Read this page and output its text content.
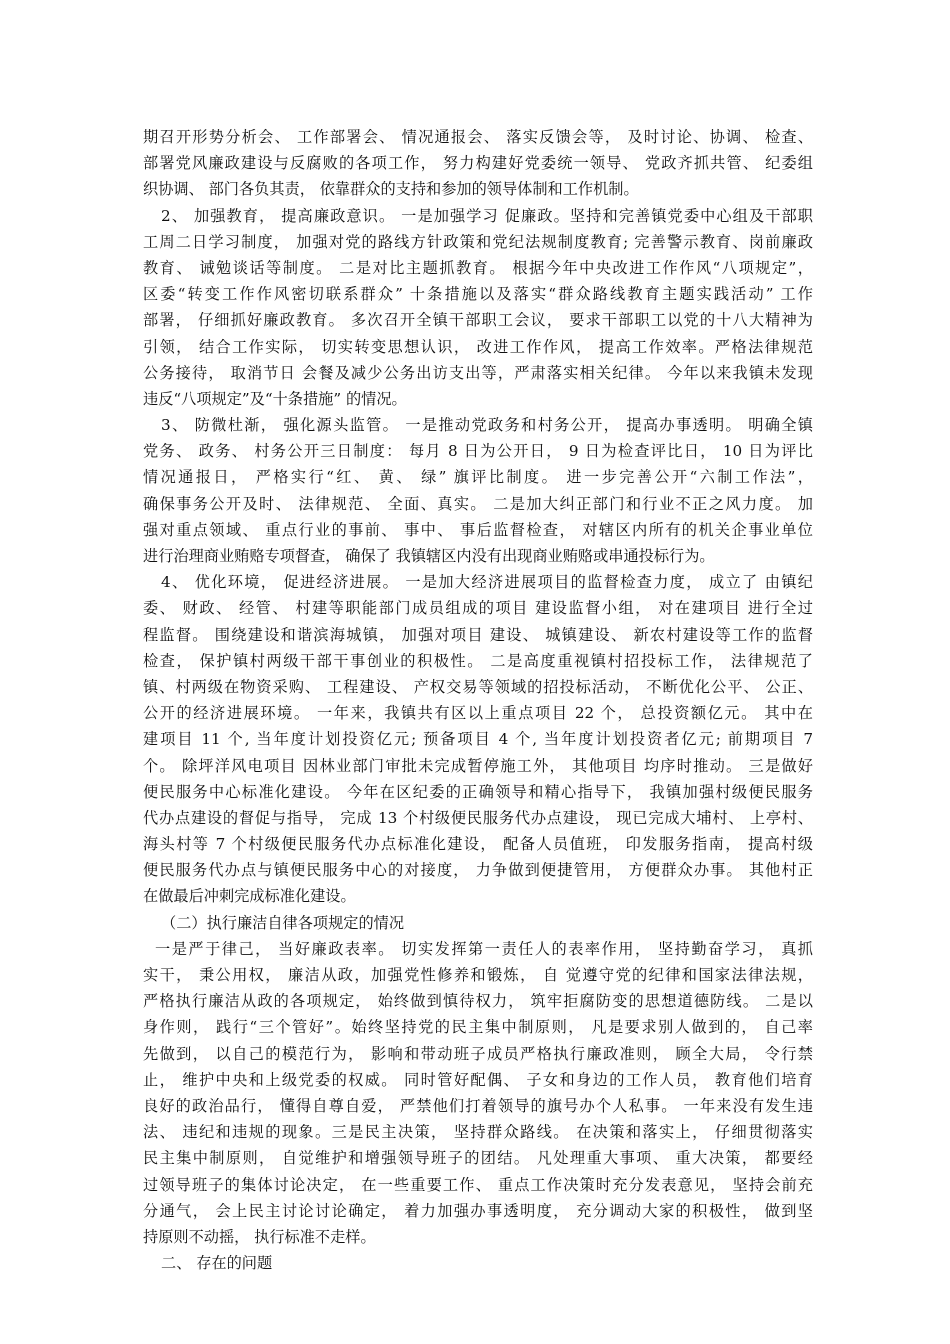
期召开形势分析会、 工作部署会、 情况通报会、 落实反馈会等， 及时讨论、协调、 检查、
部署党风廉政建设与反腐败的各项工作， 努力构建好党委统一领导、 党政齐抓共管、 纪委组
织协调、 部门各负其责， 依靠群众的支持和参加的领导体制和工作机制。
2、 加强教育， 提高廉政意识。 一是加强学习 促廉政。坚持和完善镇党委中心组及干部职
工周二日学习制度， 加强对党的路线方针政策和党纪法规制度教育; 完善警示教育、岗前廉政
教育、 诫勉谈话等制度。 二是对比主题抓教育。 根据今年中央改进工作作风“八项规定”，
区委“转变工作作风密切联系群众” 十条措施以及落实“群众路线教育主题实践活动” 工作
部署， 仔细抓好廉政教育。 多次召开全镇干部职工会议， 要求干部职工以党的十八大精神为
引领， 结合工作实际， 切实转变思想认识， 改进工作作风， 提高工作效率。严格法律规范
公务接待， 取消节日 会餐及减少公务出访支出等，严肃落实相关纪律。 今年以来我镇未发现
违反“八项规定”及“十条措施” 的情况。
3、 防微杜渐， 强化源头监管。 一是推动党政务和村务公开， 提高办事透明。 明确全镇
党务、 政务、 村务公开三日制度： 每月 8 日为公开日， 9 日为检查评比日， 10 日为评比
情况通报日， 严格实行“红、 黄、 绿” 旗评比制度。 进一步完善公开“六制工作法”，
确保事务公开及时、 法律规范、 全面、真实。 二是加大纠正部门和行业不正之风力度。 加
强对重点领域、 重点行业的事前、 事中、 事后监督检查， 对辖区内所有的机关企事业单位
进行治理商业贿赂专项督查， 确保了 我镇辖区内没有出现商业贿赂或串通投标行为。
4、 优化环境， 促进经济进展。 一是加大经济进展项目的监督检查力度， 成立了 由镇纪
委、 财政、 经管、 村建等职能部门成员组成的项目 建设监督小组， 对在建项目 进行全过
程监督。 围绕建设和谐滨海城镇， 加强对项目 建设、 城镇建设、 新农村建设等工作的监督
检查， 保护镇村两级干部干事创业的积极性。 二是高度重视镇村招投标工作， 法律规范了
镇、村两级在物资采购、 工程建设、 产权交易等领域的招投标活动， 不断优化公平、 公正、
公开的经济进展环境。 一年来，我镇共有区以上重点项目 22 个， 总投资额亿元。 其中在
建项目 11 个, 当年度计划投资亿元; 预备项目 4 个, 当年度计划投资者亿元; 前期项目 7
个。 除坪洋风电项目 因林业部门审批未完成暂停施工外， 其他项目 均序时推动。 三是做好
便民服务中心标准化建设。 今年在区纪委的正确领导和精心指导下， 我镇加强村级便民服务
代办点建设的督促与指导， 完成 13 个村级便民服务代办点建设， 现已完成大埔村、 上亭村、
海头村等 7 个村级便民服务代办点标准化建设， 配备人员值班， 印发服务指南， 提高村级
便民服务代办点与镇便民服务中心的对接度， 力争做到便捷管用， 方便群众办事。 其他村正
在做最后冲刺完成标准化建设。
（二）执行廉洁自律各项规定的情况
一是严于律己， 当好廉政表率。 切实发挥第一责任人的表率作用， 坚持勤奋学习， 真抓
实干， 秉公用权， 廉洁从政，加强党性修养和锻炼， 自 觉遵守党的纪律和国家法律法规，
严格执行廉洁从政的各项规定， 始终做到慎待权力， 筑牢拒腐防变的思想道德防线。 二是以
身作则， 践行“三个管好”。始终坚持党的民主集中制原则， 凡是要求别人做到的， 自己率
先做到， 以自己的模范行为， 影响和带动班子成员严格执行廉政准则， 顾全大局， 令行禁
止， 维护中央和上级党委的权威。 同时管好配偶、 子女和身边的工作人员， 教育他们培育
良好的政治品行， 懂得自尊自爱， 严禁他们打着领导的旗号办个人私事。 一年来没有发生违
法、 违纪和违规的现象。三是民主决策， 坚持群众路线。 在决策和落实上， 仔细贯彻落实
民主集中制原则， 自觉维护和增强领导班子的团结。 凡处理重大事项、 重大决策， 都要经
过领导班子的集体讨论决定， 在一些重要工作、 重点工作决策时充分发表意见， 坚持会前充
分通气， 会上民主讨论讨论确定， 着力加强办事透明度， 充分调动大家的积极性， 做到坚
持原则不动摇， 执行标准不走样。
二、 存在的问题
